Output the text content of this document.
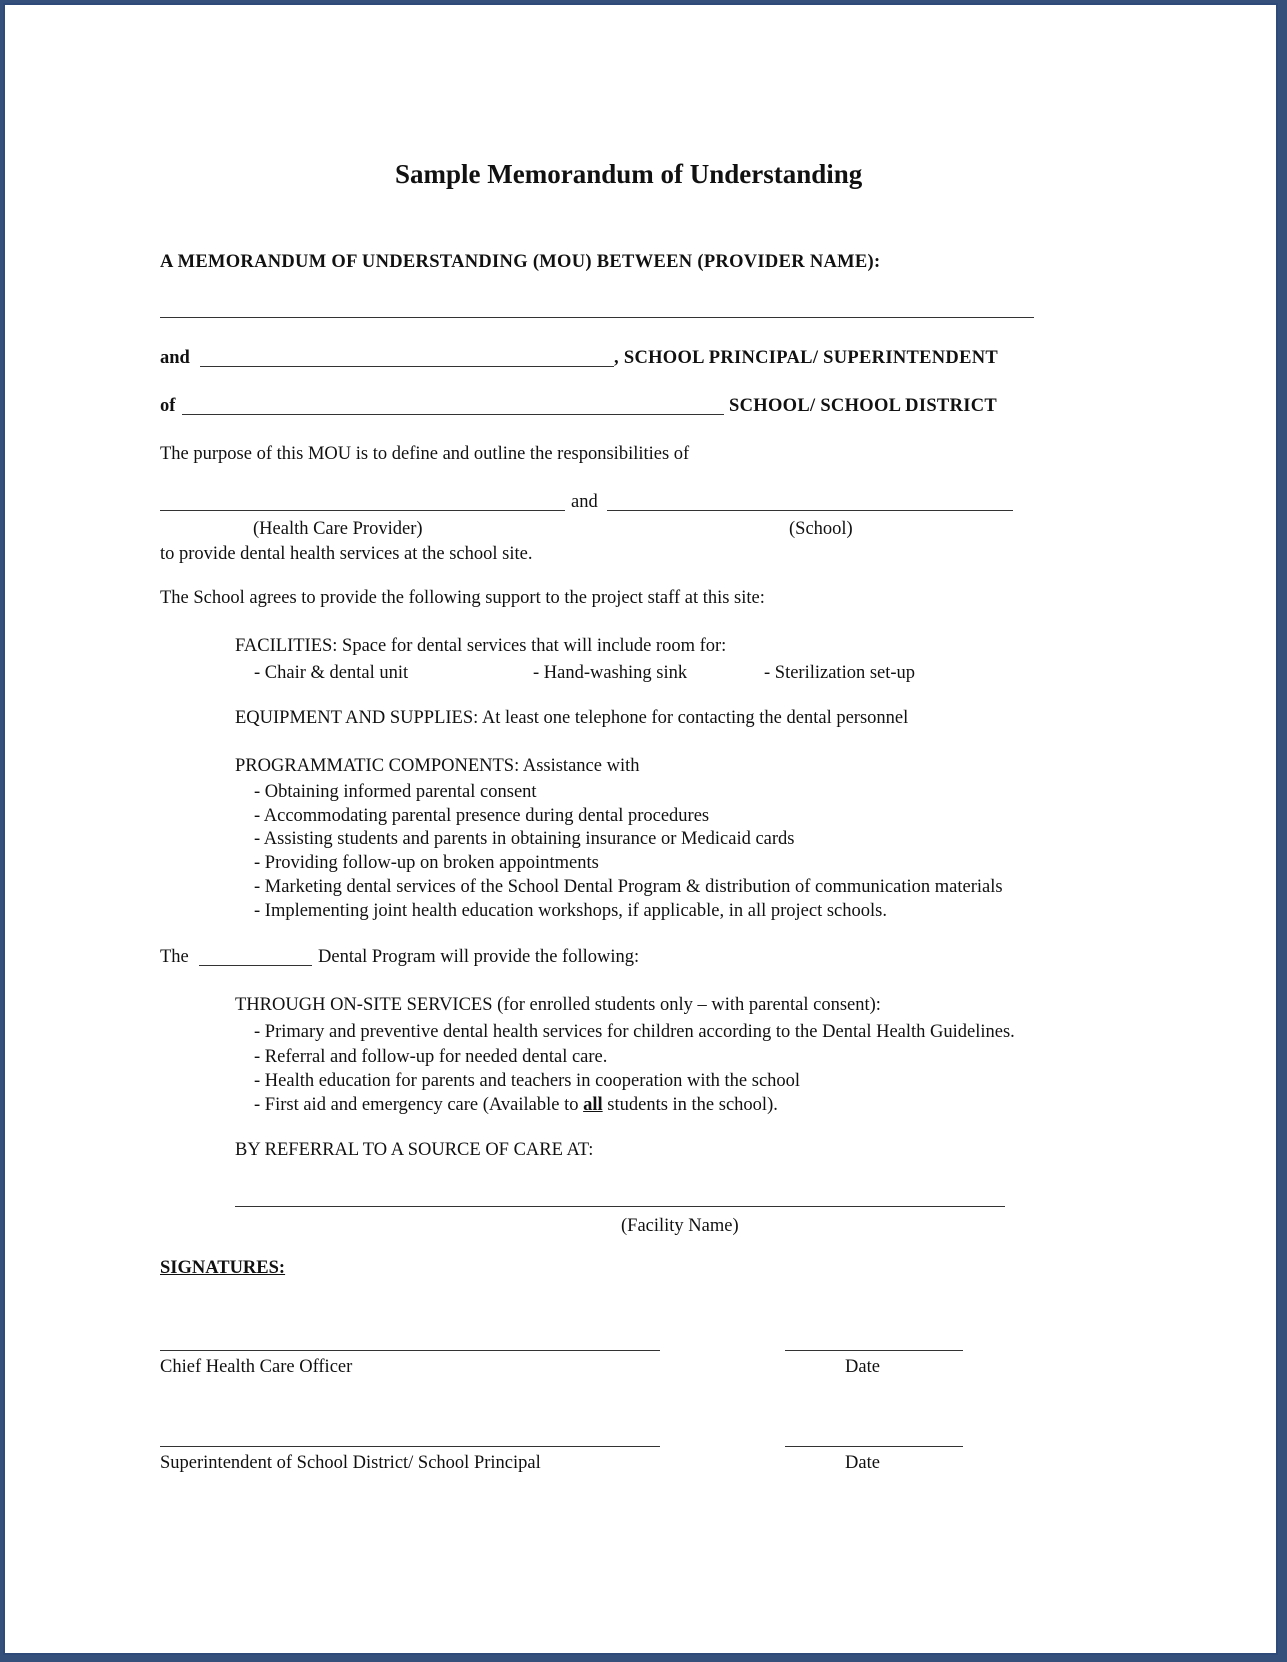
Sample Memorandum of Understanding
A MEMORANDUM OF UNDERSTANDING (MOU) BETWEEN (PROVIDER NAME):
and	, SCHOOL PRINCIPAL/ SUPERINTENDENT
of	SCHOOL/ SCHOOL DISTRICT
The purpose of this MOU is to define and outline the responsibilities of
and
(Health Care Provider)	(School)
to provide dental health services at the school site.
The School agrees to provide the following support to the project staff at this site:
FACILITIES: Space for dental services that will include room for:
- Chair & dental unit	- Hand-washing sink	- Sterilization set-up
EQUIPMENT AND SUPPLIES: At least one telephone for contacting the dental personnel
PROGRAMMATIC COMPONENTS: Assistance with
- Obtaining informed parental consent
- Accommodating parental presence during dental procedures
- Assisting students and parents in obtaining insurance or Medicaid cards
- Providing follow-up on broken appointments
- Marketing dental services of the School Dental Program & distribution of communication materials
- Implementing joint health education workshops, if applicable, in all project schools.
The	Dental Program will provide the following:
THROUGH ON-SITE SERVICES (for enrolled students only – with parental consent):
- Primary and preventive dental health services for children according to the Dental Health Guidelines.
- Referral and follow-up for needed dental care.
- Health education for parents and teachers in cooperation with the school
- First aid and emergency care (Available to all students in the school).
BY REFERRAL TO A SOURCE OF CARE AT:
(Facility Name)
SIGNATURES:
Chief Health Care Officer	Date
Superintendent of School District/ School Principal	Date
